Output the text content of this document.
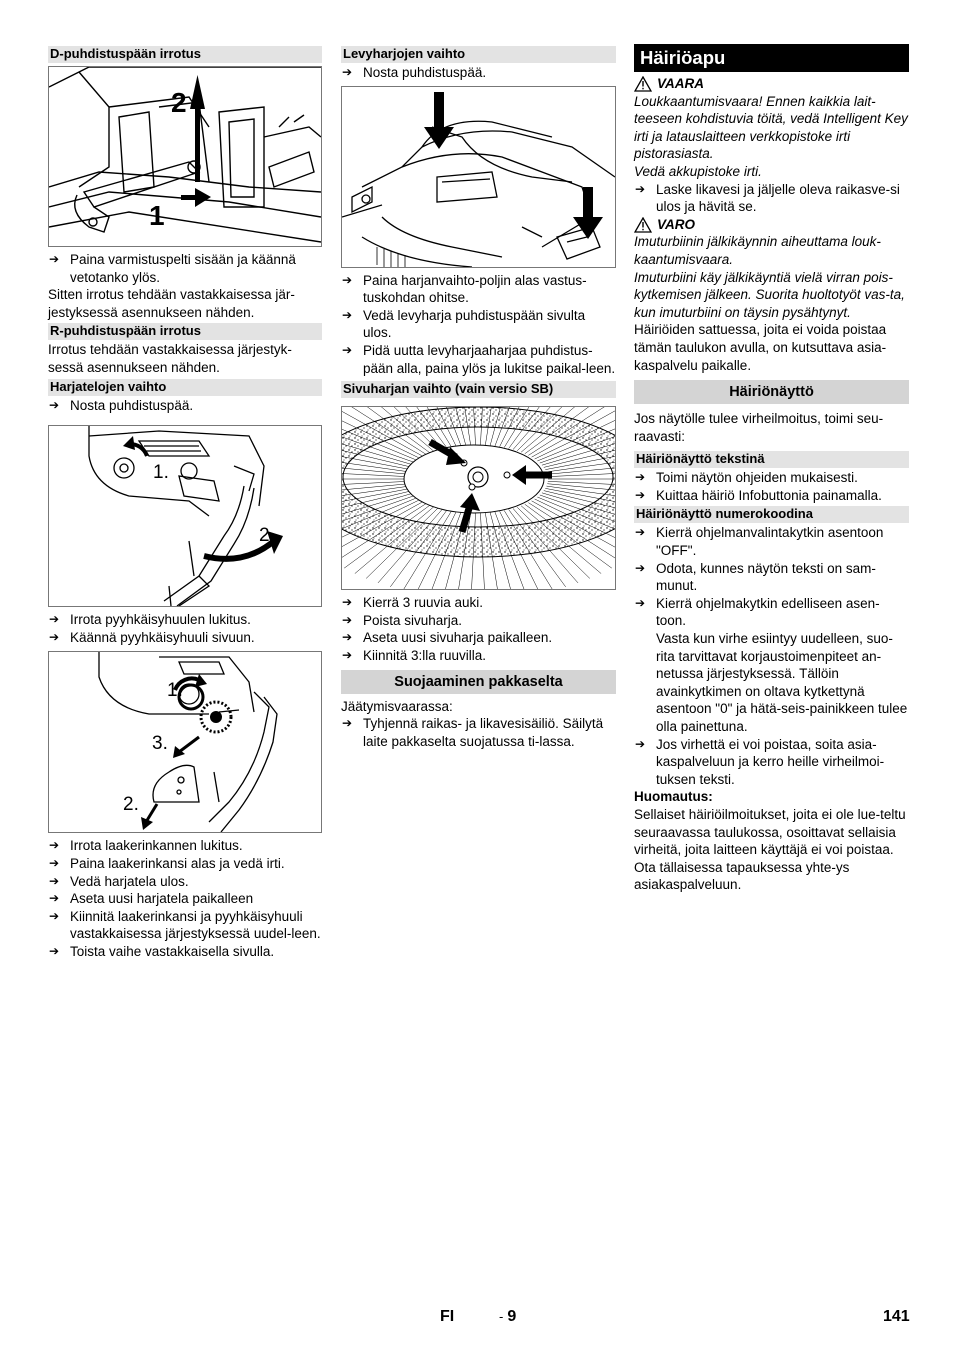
D-puhdistuspään irrotus
2
1
➔ Paina varmistuspelti sisään ja käännä vetotanko ylös.
Sitten irrotus tehdään vastakkaisessa jär-jestyksessä asennukseen nähden.
R-puhdistuspään irrotus
Irrotus tehdään vastakkaisessa järjestyk-sessä asennukseen nähden.
Harjatelojen vaihto
➔ Nosta puhdistuspää.
1.
2.
➔ Irrota pyyhkäisyhuulen lukitus.
➔ Käännä pyyhkäisyhuuli sivuun.
1.
3.
2.
➔ Irrota laakerinkannen lukitus.
➔ Paina laakerinkansi alas ja vedä irti.
➔ Vedä harjatela ulos.
➔ Aseta uusi harjatela paikalleen
➔ Kiinnitä laakerinkansi ja pyyhkäisyhuuli vastakkaisessa järjestyksessä uudel-leen.
➔ Toista vaihe vastakkaisella sivulla.
Levyharjojen vaihto
➔ Nosta puhdistuspää.
➔ Paina harjanvaihto-poljin alas vastus-tuskohdan ohitse.
➔ Vedä levyharja puhdistuspään sivulta ulos.
➔ Pidä uutta levyharjaaharjaa puhdistus-pään alla, paina ylös ja lukitse paikal-leen.
Sivuharjan vaihto (vain versio SB)
➔ Kierrä 3 ruuvia auki.
➔ Poista sivuharja.
➔ Aseta uusi sivuharja paikalleen.
➔ Kiinnitä 3:lla ruuvilla.
Suojaaminen pakkaselta
Jäätymisvaarassa:
➔ Tyhjennä raikas- ja likavesisäiliö. Säilytä laite pakkaselta suojatussa ti-lassa.
Häiriöapu
VAARA
Loukkaantumisvaara! Ennen kaikkia lait-teeseen kohdistuvia töitä, vedä Intelligent Key irti ja latauslaitteen verkkopistoke irti pistorasiasta.
Vedä akkupistoke irti.
➔ Laske likavesi ja jäljelle oleva raikasve-si ulos ja hävitä se.
VARO
Imuturbiinin jälkikäynnin aiheuttama louk-kaantumisvaara.
Imuturbiini käy jälkikäyntiä vielä virran pois-kytkemisen jälkeen. Suorita huoltotyöt vas-ta, kun imuturbiini on täysin pysähtynyt.
Häiriöiden sattuessa, joita ei voida poistaa tämän taulukon avulla, on kutsuttava asia-kaspalvelu paikalle.
Häiriönäyttö
Jos näytölle tulee virheilmoitus, toimi seu-raavasti:
Häiriönäyttö tekstinä
➔ Toimi näytön ohjeiden mukaisesti.
➔ Kuittaa häiriö Infobuttonia painamalla.
Häiriönäyttö numerokoodina
➔ Kierrä ohjelmanvalintakytkin asentoon "OFF".
➔ Odota, kunnes näytön teksti on sam-munut.
➔ Kierrä ohjelmakytkin edelliseen asen-toon.
Vasta kun virhe esiintyy uudelleen, suo-rita tarvittavat korjaustoimenpiteet an-netussa järjestyksessä. Tällöin avainkytkimen on oltava kytkettynä asentoon "0" ja hätä-seis-painikkeen tulee olla painettuna.
➔ Jos virhettä ei voi poistaa, soita asia-kaspalveluun ja kerro heille virheilmoi-tuksen teksti.
Huomautus:
Sellaiset häiriöilmoitukset, joita ei ole lue-teltu seuraavassa taulukossa, osoittavat sellaisia virheitä, joita laitteen käyttäjä ei voi poistaa. Ota tällaisessa tapauksessa yhte-ys asiakaspalveluun.
FI	- 9	141
